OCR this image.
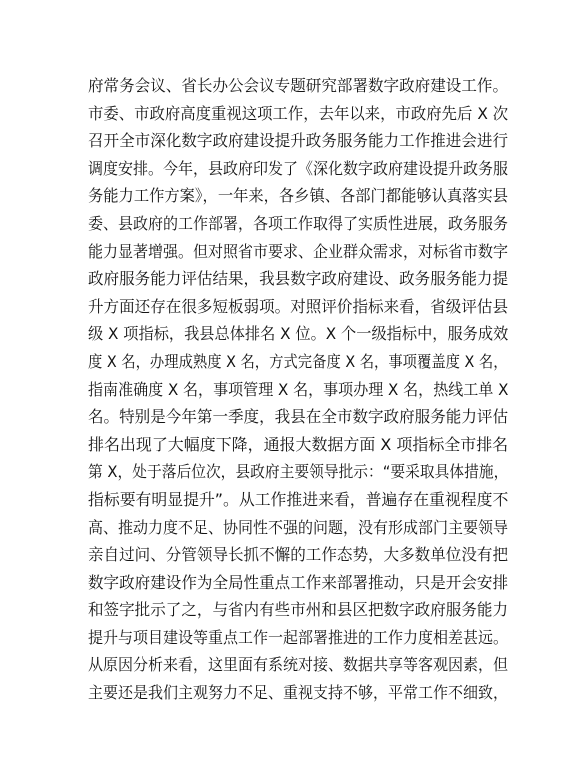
府常务会议、省长办公会议专题研究部署数字政府建设工作。
市委、市政府高度重视这项工作，去年以来，市政府先后 X 次
召开全市深化数字政府建设提升政务服务能力工作推进会进行
调度安排。今年，县政府印发了《深化数字政府建设提升政务服
务能力工作方案》，一年来，各乡镇、各部门都能够认真落实县
委、县政府的工作部署，各项工作取得了实质性进展，政务服务
能力显著增强。但对照省市要求、企业群众需求，对标省市数字
政府服务能力评估结果，我县数字政府建设、政务服务能力提
升方面还存在很多短板弱项。对照评价指标来看，省级评估县
级 X 项指标，我县总体排名 X 位。X 个一级指标中，服务成效
度 X 名，办理成熟度 X 名，方式完备度 X 名，事项覆盖度 X 名，
指南准确度 X 名，事项管理 X 名，事项办理 X 名，热线工单 X
名。特别是今年第一季度，我县在全市数字政府服务能力评估
排名出现了大幅度下降，通报大数据方面 X 项指标全市排名
第 X，处于落后位次，县政府主要领导批示：“要采取具体措施，
指标要有明显提升”。从工作推进来看，普遍存在重视程度不
高、推动力度不足、协同性不强的问题，没有形成部门主要领导
亲自过问、分管领导长抓不懈的工作态势，大多数单位没有把
数字政府建设作为全局性重点工作来部署推动，只是开会安排
和签字批示了之，与省内有些市州和县区把数字政府服务能力
提升与项目建设等重点工作一起部署推进的工作力度相差甚远。
从原因分析来看，这里面有系统对接、数据共享等客观因素，但
主要还是我们主观努力不足、重视支持不够，平常工作不细致，
